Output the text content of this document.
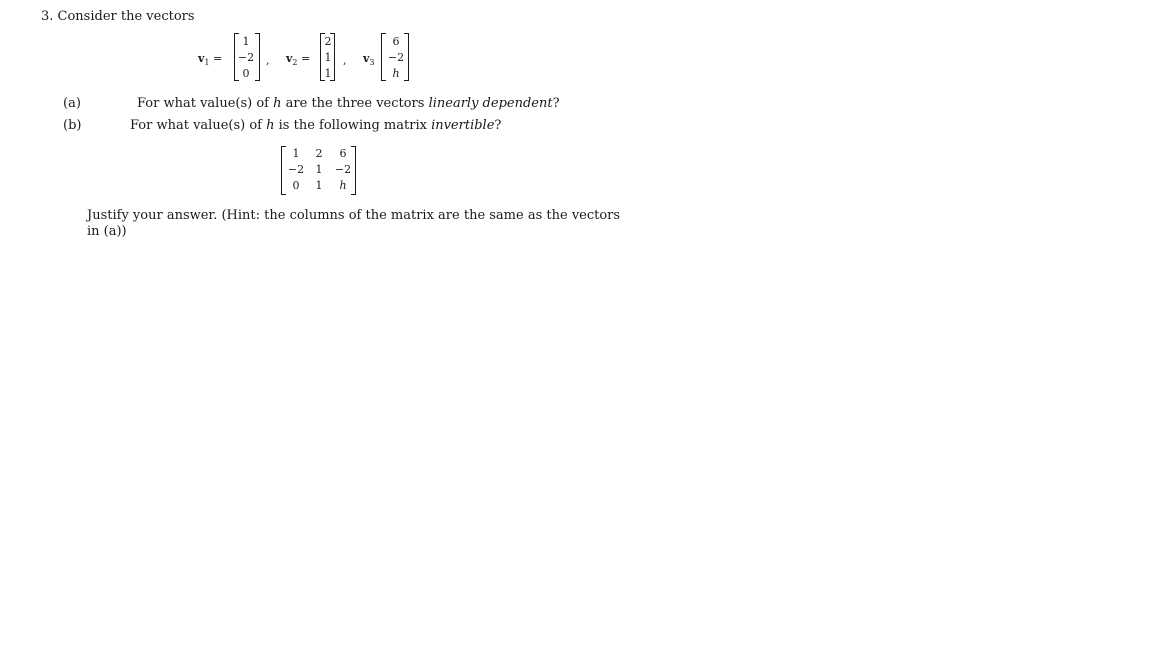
3. Consider the vectors
$v_1$ =
1
−2
0
, $v_2$ =
2
1
1
, $v_3$
6
−2
h
(a)	For what value(s) of h are the three vectors linearly dependent?
(b)	For what value(s) of h is the following matrix invertible?
1	2	6
−2	1	−2
0	1	h
Justify your answer. (Hint: the columns of the matrix are the same as the vectors
in (a))
